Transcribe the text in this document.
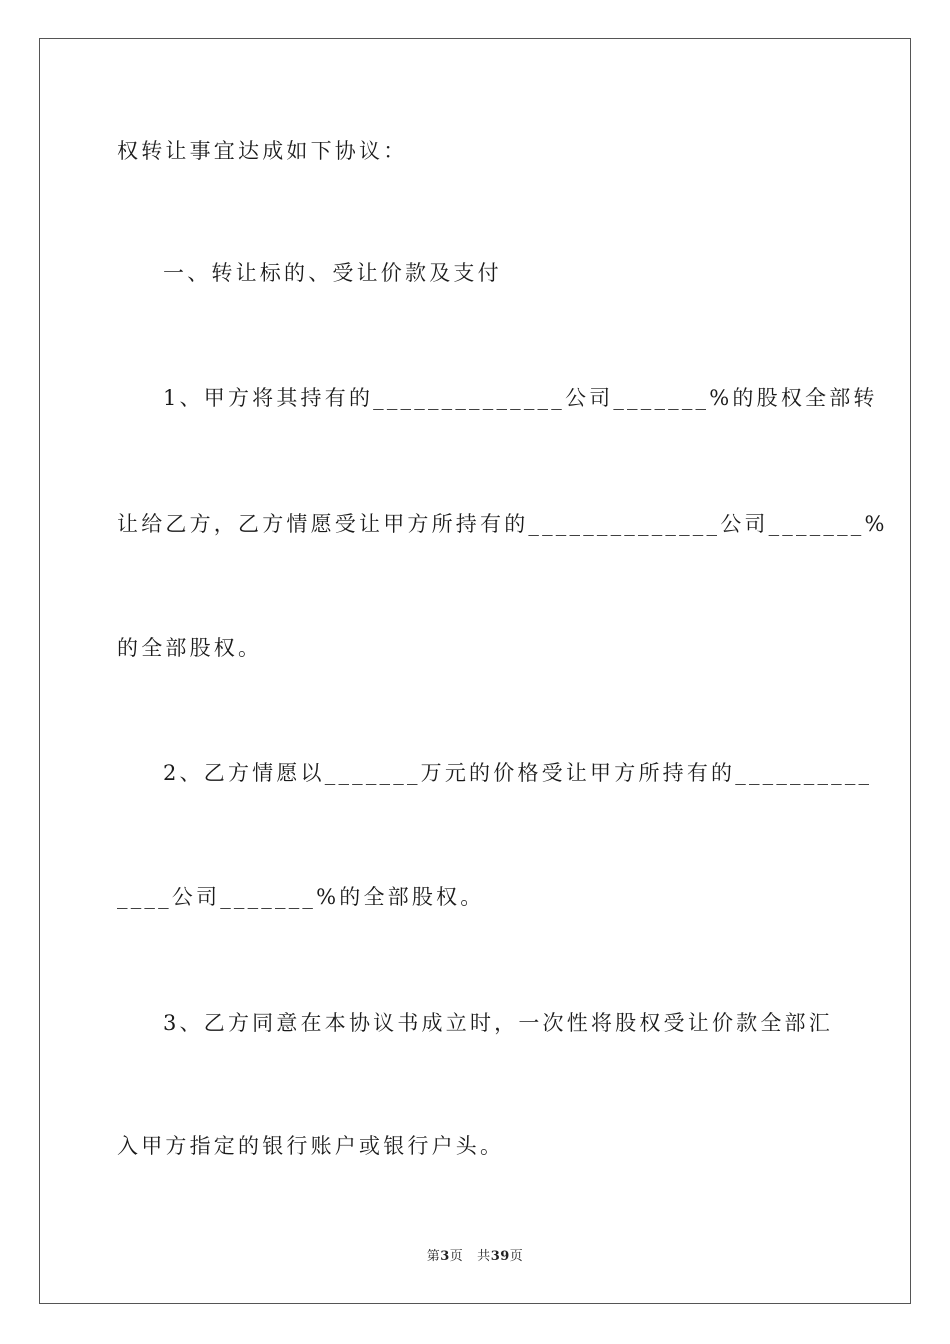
权转让事宜达成如下协议：
一、转让标的、受让价款及支付
1、甲方将其持有的______________公司_______%的股权全部转
让给乙方，乙方情愿受让甲方所持有的______________公司_______%
的全部股权。
2、乙方情愿以_______万元的价格受让甲方所持有的__________
____公司_______%的全部股权。
3、乙方同意在本协议书成立时，一次性将股权受让价款全部汇
入甲方指定的银行账户或银行户头。
第3页 共39页
